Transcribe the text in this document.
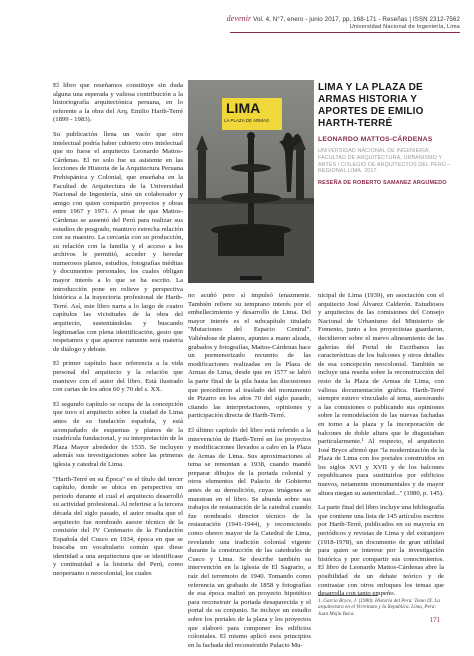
devenir Vol. 4, N°7, enero - junio 2017, pp. 168-171 - Reseñas | ISSN 2312-7562
Universidad Nacional de Ingeniería, Lima

El libro que reseñamos constituye sin duda alguna una esperada y valiosa contribución a la historiografía arquitectónica peruana, en lo referente a la obra del Arq. Emilio Harth-Terré (1899 - 1983).

Su publicación llena un vacío que otro intelectual podría haber cubierto otro intelectual que no fuese el arquitecto Leonardo Mattos-Cárdenas. El no solo fue su asistente en las lecciones de Historia de la Arquitectura Peruana Prehispánica y Colonial, que enseñaba en la Facultad de Arquitectura de la Universidad Nacional de Ingeniería, sino un colaborador y amigo con quien compartió proyectos y obras entre 1967 y 1971. A pesar de que Mattos-Cárdenas se ausentó del Perú para realizar sus estudios de posgrado, mantuvo estrecha relación con su maestro. La cercanía con su producción, su relación con la familia y el acceso a los archivos le permitió, acceder y heredar numerosos planos, estudios, fotografías inéditas y documentos personales, los cuales obligan mayor interés a lo que se ha escrito. La introducción pone en relieve y perspectiva histórica a la trayectoria profesional de Harth-Terré. Así, este libro narra a lo largo de cuatro capítulos las vicisitudes de la obra del arquitecto, sustentándolas y buscando legitimarlas con plena identificación, gesto que respetamos y que aparece ramente será materia de diálogo y debate.

El primer capítulo hace referencia a la vida personal del arquitecto y la relación que mantuvo con el autor del libro. Está ilustrado con cartas de los años 60 y 70 del s. XX.

El segundo capítulo se ocupa de la concepción que tuvo el arquitecto sobre la ciudad de Lima antes de su fundación española, y está acompañado de esquemas y planos de la cuadrícula fundacional, y su interpretación de la Plaza Mayor alrededor de 1535. Se incluyen además sus investigaciones sobre las primeras iglesia y catedral de Lima.

"Harth-Terré en su Época" es el título del tercer capítulo, donde se ubica en perspectiva un periodo durante el cual el arquitecto desarrolló su actividad profesional. Al referirse a la tercera década del siglo pasado, el autor resalta que el arquitecto fue nombrado asesor técnico de la comisión del IV Centenario de la Fundación Española del Cusco en 1934, época en que se buscaba un vocabulario común que diese identidad a una arquitectura que se identificase y continuidad a la historia del Perú, como neoperuano o neocolonial, los cuales

LIMA
LA PLAZA DE ARMAS
LIMA Y LA PLAZA DE ARMAS HISTORIA Y APORTES DE EMILIO HARTH-TERRÉ
LEONARDO MATTOS-CÁRDENAS
UNIVERSIDAD NACIONAL DE INGENIERÍA, FACULTAD DE ARQUITECTURA, URBANISMO Y ARTES / COLEGIO DE ARQUITECTOS DEL PERÚ – REGIONAL LIMA. 2017.
RESEÑA DE ROBERTO SAMANEZ ARGUMEDO

no acuñó pero sí impulsó tenazmente. También refiere su temprano interés por el embellecimiento y desarrollo de Lima. Del mayor interés es el subcapítulo titulado "Mutaciones del Espacio Central". Valiéndose de planos, apuntes a mano alzada, grabados y fotografías, Mattos-Cárdenas hace un pormenorizado recuento de las modificaciones realizadas en la Plaza de Armas de Lima, desde que en 1577 se labró la parte final de la pila hasta las discusiones que precedieron al traslado del monumento de Pizarro en los años 70 del siglo pasado, citando las interpretaciones, opiniones y participación directa de Harth-Terré.

El último capítulo del libro está referido a la intervención de Harth-Terré en los proyectos y modificaciones llevados a cabo en la Plaza de Armas de Lima. Sus aproximaciones al tema se remontan a 1938, cuando mandó preparar dibujos de la portada colonial y otros elementos del Palacio de Gobierno antes de su demolición, cuyas imágenes se muestran en el libro. Se abunda sobre sus trabajos de restauración de la catedral cuando fue nombrado director técnico de la restauración (1941-1944), y reconociendo como obrero mayor de la Catedral de Lima, revelando una tradición colonial vigente durante la construcción de las catedrales de Cusco y Lima. Se describe también su intervención en la iglesia de El Sagrario, a raíz del terremoto de 1940. Tomando como referencia un grabado de 1858 y fotografías de esa época realizó un proyecto hipotético para reconstruir la portada desaparecida y el portal de su conjunto. Se incluye un estudio sobre los portales de la plaza y los proyectos que elaboró para componer los edificios coloniales. El mismo aplicó esos principios en la fachada del reconstruido Palacio Mu-

nicipal de Lima (1939), en asociación con el arquitecto José Álvarez Calderón. Estudiosos y arquitectos de las comisiones del Consejo Nacional de Urbanismo del Ministerio de Fomento, junto a los proyectistas guardaron, decidieron sobre el nuevo alineamiento de las galerías del Portal de Escribanos las características de los balcones y otros detalles de esa concepción neocolonial. También se incluye una reseña sobre la reconstrucción del resto de la Plaza de Armas de Lima, con valiosa documentación gráfica. Harth-Terré siempre estuvo vinculado al tema, asesorando a las comisiones o publicando sus opiniones sobre la remodelación de las nuevas fachadas en torno a la plaza y la incorporación de balcones de doble altura que le disgustaban particularmente.¹ Al respecto, el arquitecto José Bryce afirmó que "la modernización de la Plaza de Lima con los portales construidos en los siglos XVI y XVII y de los balcones republicanos para sustituirlos por edificios nuevos, netamente monumentales y de mayor altura niegan su autenticidad..." (1980, p. 145).

La parte final del libro incluye una bibliografía que contiene una lista de 145 artículos escritos por Harth-Terré, publicados en su mayoría en periódicos y revistas de Lima y del extranjero (1918-1978), un documento de gran utilidad para quien se interese por la investigación histórica y por compartir sus conocimientos. El libro de Leonardo Mattos-Cárdenas abre la posibilidad de un debate teórico y de contrastar con otros enfoques los temas que desarrolla con tanto empeño.

1. García Bryce, J. (1980). Historia del Perú: Tomo IX. La arquitectura en el Virreinato y la República. Lima, Perú: Juan Mejía Baca.
171
